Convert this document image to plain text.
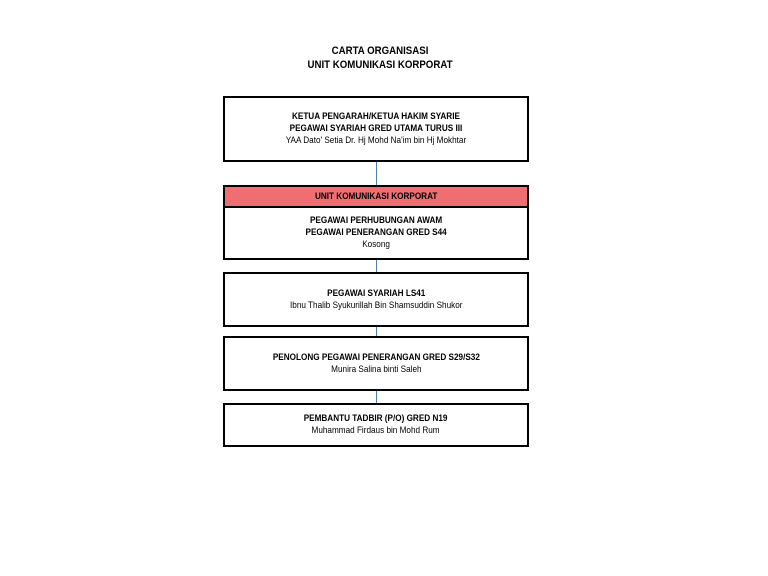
CARTA ORGANISASI
UNIT KOMUNIKASI KORPORAT
KETUA PENGARAH/KETUA HAKIM SYARIE
PEGAWAI SYARIAH GRED UTAMA TURUS III
YAA Dato' Setia Dr. Hj Mohd Na'im bin Hj Mokhtar
UNIT KOMUNIKASI KORPORAT
PEGAWAI PERHUBUNGAN AWAM
PEGAWAI PENERANGAN GRED S44
Kosong
PEGAWAI SYARIAH LS41
Ibnu Thalib Syukurillah Bin Shamsuddin Shukor
PENOLONG PEGAWAI PENERANGAN GRED S29/S32
Munira Salina binti Saleh
PEMBANTU TADBIR (P/O) GRED N19
Muhammad Firdaus bin Mohd Rum
